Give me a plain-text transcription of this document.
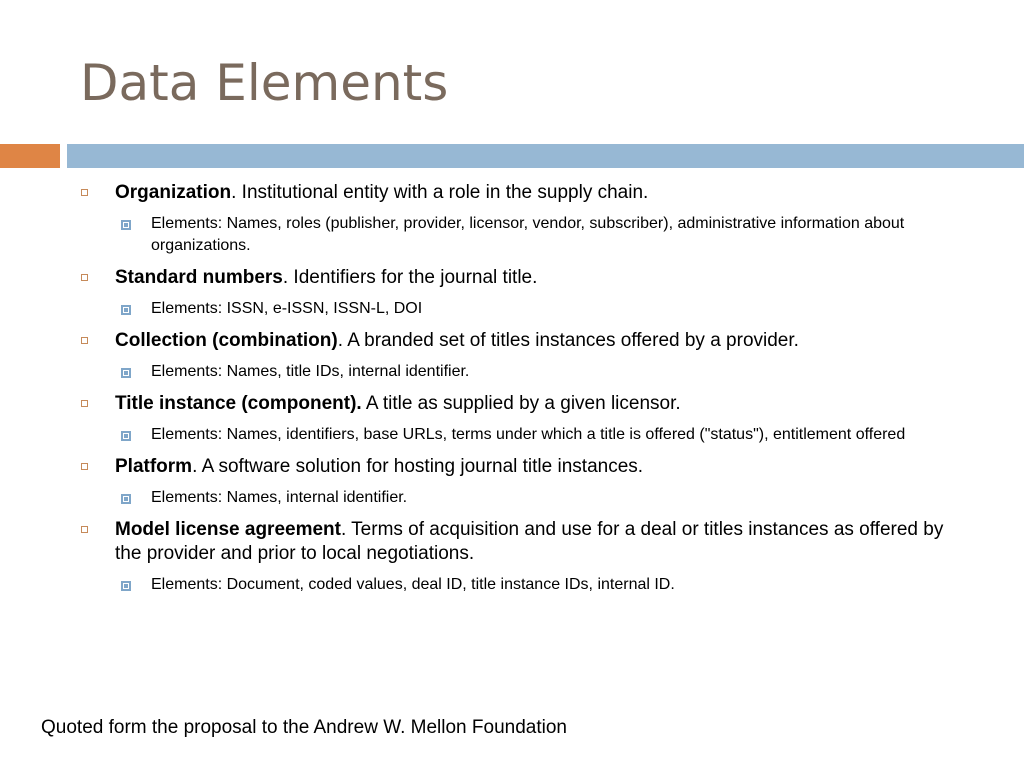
Data Elements
Organization. Institutional entity with a role in the supply chain.
Elements: Names, roles (publisher, provider, licensor, vendor, subscriber), administrative information about organizations.
Standard numbers. Identifiers for the journal title.
Elements: ISSN, e-ISSN, ISSN-L, DOI
Collection (combination). A branded set of titles instances offered by a provider.
Elements: Names, title IDs, internal identifier.
Title instance (component). A title as supplied by a given licensor.
Elements: Names, identifiers, base URLs, terms under which a title is offered ("status"), entitlement offered
Platform. A software solution for hosting journal title instances.
Elements: Names, internal identifier.
Model license agreement. Terms of acquisition and use for a deal or titles instances as offered by the provider and prior to local negotiations.
Elements: Document, coded values, deal ID, title instance IDs, internal ID.
Quoted form the proposal to the Andrew W. Mellon Foundation
